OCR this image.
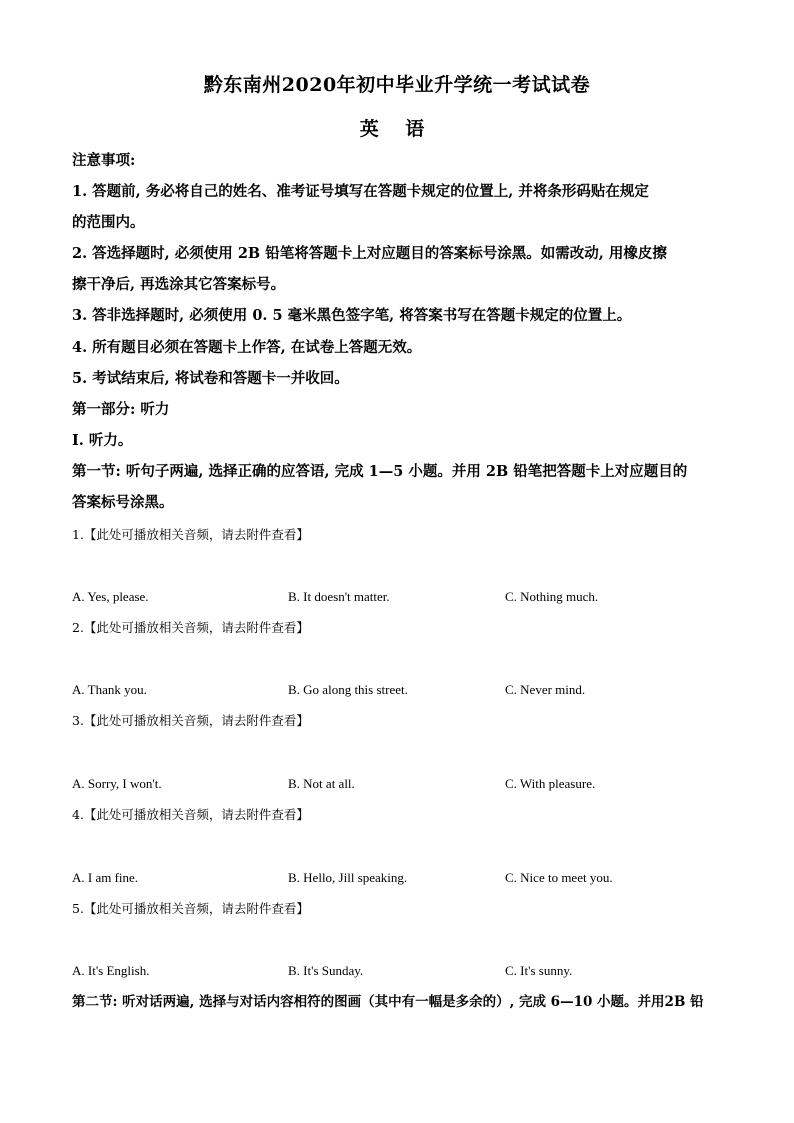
黔东南州2020年初中毕业升学统一考试试卷
英 语
注意事项:
1. 答题前, 务必将自己的姓名、准考证号填写在答题卡规定的位置上, 并将条形码贴在规定
的范围内。
2. 答选择题时, 必须使用 2B 铅笔将答题卡上对应题目的答案标号涂黑。如需改动, 用橡皮擦
擦干净后, 再选涂其它答案标号。
3. 答非选择题时, 必须使用 0. 5 毫米黑色签字笔, 将答案书写在答题卡规定的位置上。
4. 所有题目必须在答题卡上作答, 在试卷上答题无效。
5. 考试结束后, 将试卷和答题卡一并收回。
第一部分: 听力
I. 听力。
第一节: 听句子两遍, 选择正确的应答语, 完成 1—5 小题。并用 2B 铅笔把答题卡上对应题目的
答案标号涂黑。
1.【此处可播放相关音频，请去附件查看】
A. Yes, please.	B. It doesn't matter.	C. Nothing much.
2.【此处可播放相关音频，请去附件查看】
A. Thank you.	B. Go along this street.	C. Never mind.
3.【此处可播放相关音频，请去附件查看】
A. Sorry, I won't.	B. Not at all.	C. With pleasure.
4.【此处可播放相关音频，请去附件查看】
A. I am fine.	B. Hello, Jill speaking.	C. Nice to meet you.
5.【此处可播放相关音频，请去附件查看】
A. It's English.	B. It's Sunday.	C. It's sunny.
第二节: 听对话两遍, 选择与对话内容相符的图画（其中有一幅是多余的）, 完成 6—10 小题。并用2B 铅
